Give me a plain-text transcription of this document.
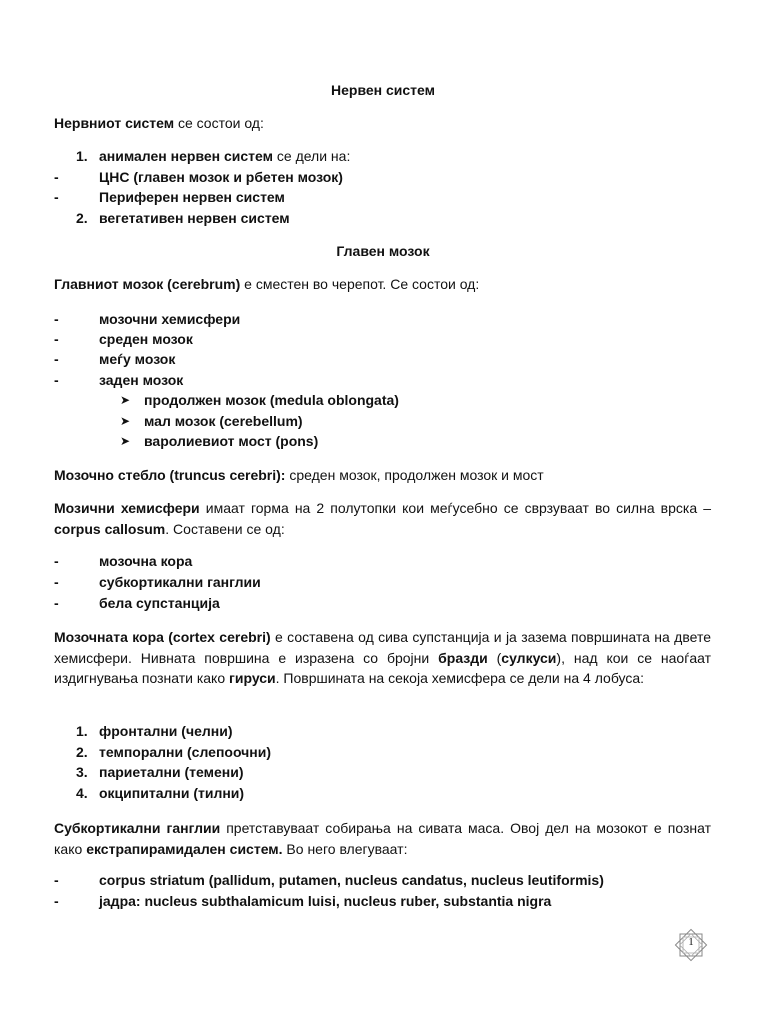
Нервен систем
Нервниот систем се состои од:
1. анимален нервен систем се дели на:
-	ЦНС (главен мозок и рбетен мозок)
-	Периферен нервен систем
2. вегетативен нервен систем
Главен мозок
Главниот мозок (cerebrum) е сместен во черепот. Се состои од:
-	мозочни хемисфери
-	среден мозок
-	меѓу мозок
-	заден мозок
➤ продолжен мозок (medula oblongata)
➤ мал мозок (cerebellum)
➤ варолиевиот мост (pons)
Мозочно стебло (truncus cerebri): среден мозок, продолжен мозок и мост
Мозични хемисфери имаат горма на 2 полутопки кои меѓусебно се сврзуваат во силна врска – corpus callosum. Составени се од:
-	мозочна кора
-	субкортикални ганглии
-	бела супстанција
Мозочната кора (cortex cerebri) е составена од сива супстанција и ја зазема површината на двете хемисфери. Нивната површина е изразена со бројни бразди (сулкуси), над кои се наоѓаат издигнувања познати како гируси. Површината на секоја хемисфера се дели на 4 лобуса:
1. фронтални (челни)
2. темпорални (слепоочни)
3. париетални (темени)
4. окципитални (тилни)
Субкортикални ганглии претставуваат собирања на сивата маса. Овој дел на мозокот е познат како екстрапирамидален систем. Во него влегуваат:
-	corpus striatum (pallidum, putamen, nucleus candatus, nucleus leutiformis)
-	јадра: nucleus subthalamicum luisi, nucleus ruber, substantia nigra
1
